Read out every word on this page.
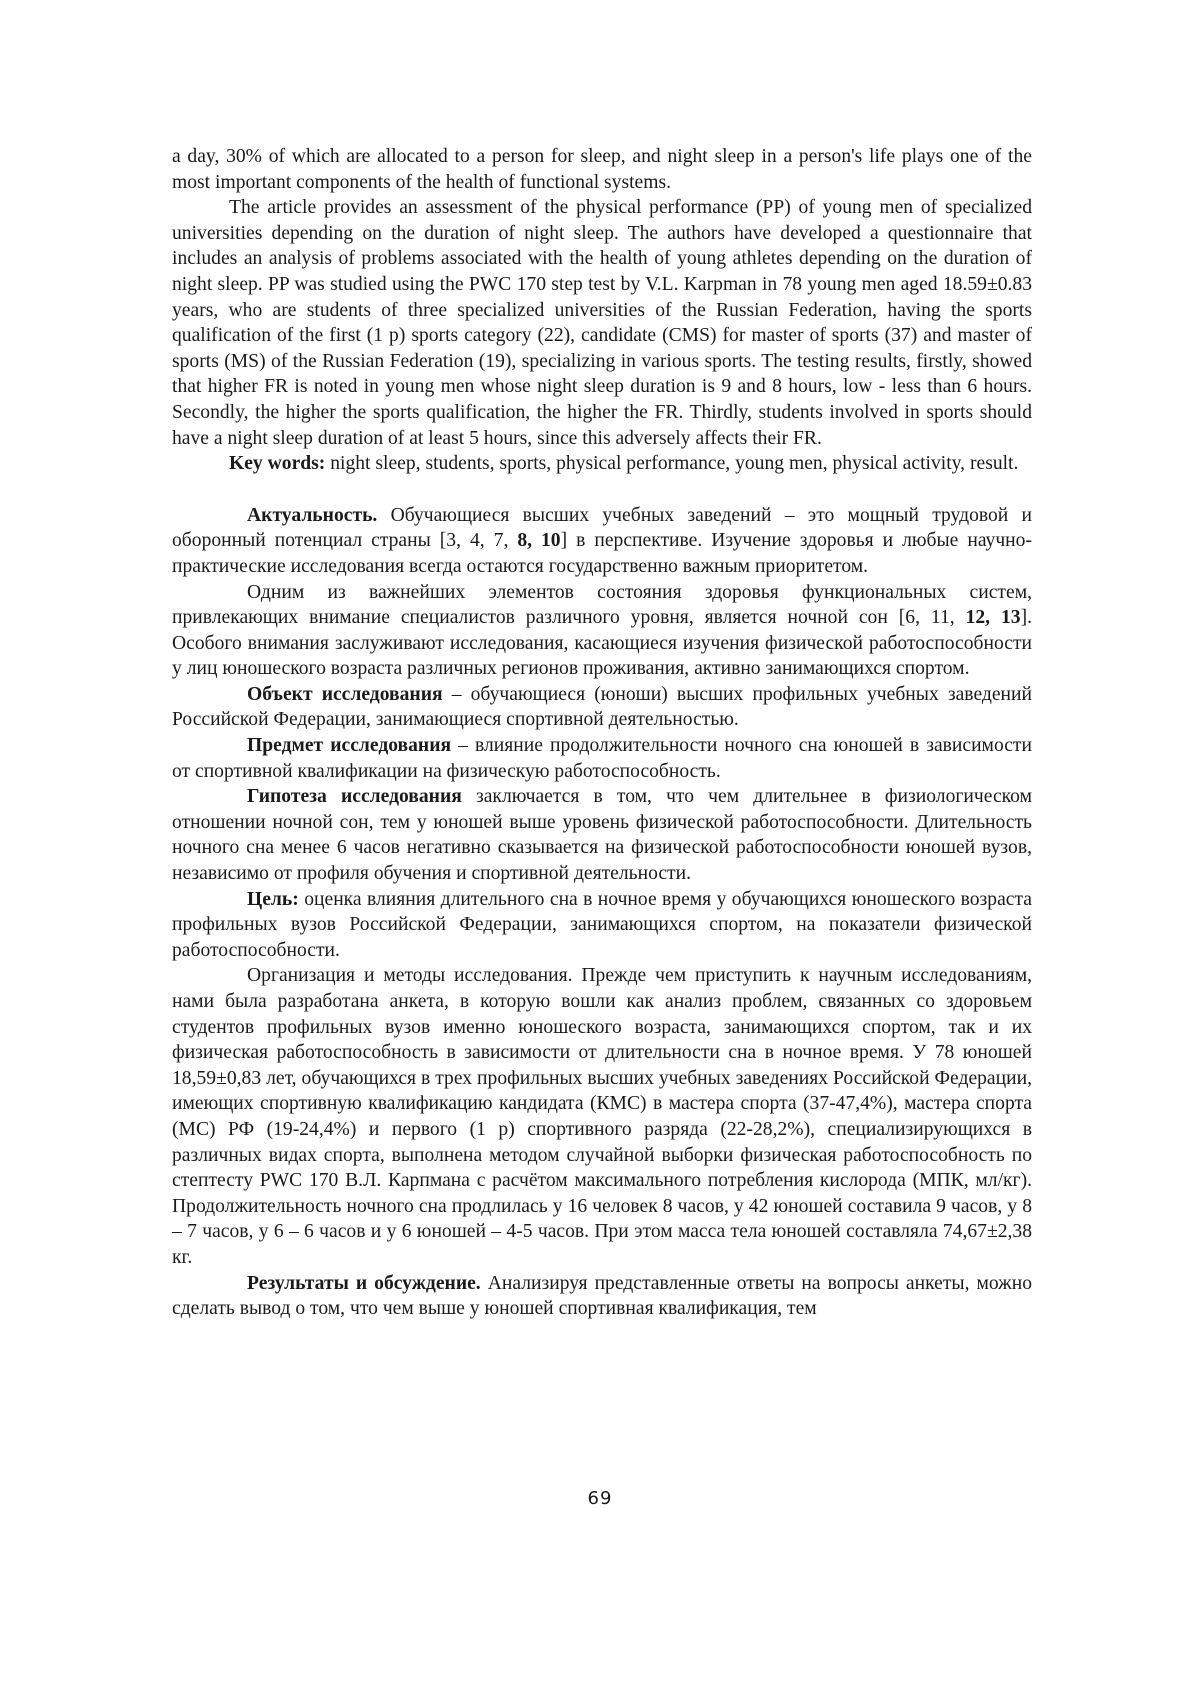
a day, 30% of which are allocated to a person for sleep, and night sleep in a person's life plays one of the most important components of the health of functional systems.

The article provides an assessment of the physical performance (PP) of young men of specialized universities depending on the duration of night sleep. The authors have developed a questionnaire that includes an analysis of problems associated with the health of young athletes depending on the duration of night sleep. PP was studied using the PWC 170 step test by V.L. Karpman in 78 young men aged 18.59±0.83 years, who are students of three specialized universities of the Russian Federation, having the sports qualification of the first (1 p) sports category (22), candidate (CMS) for master of sports (37) and master of sports (MS) of the Russian Federation (19), specializing in various sports. The testing results, firstly, showed that higher FR is noted in young men whose night sleep duration is 9 and 8 hours, low - less than 6 hours. Secondly, the higher the sports qualification, the higher the FR. Thirdly, students involved in sports should have a night sleep duration of at least 5 hours, since this adversely affects their FR.

Key words: night sleep, students, sports, physical performance, young men, physical activity, result.

Актуальность. Обучающиеся высших учебных заведений – это мощный трудовой и оборонный потенциал страны [3, 4, 7, 8, 10] в перспективе. Изучение здоровья и любые научно-практические исследования всегда остаются государственно важным приоритетом.

Одним из важнейших элементов состояния здоровья функциональных систем, привлекающих внимание специалистов различного уровня, является ночной сон [6, 11, 12, 13]. Особого внимания заслуживают исследования, касающиеся изучения физической работоспособности у лиц юношеского возраста различных регионов проживания, активно занимающихся спортом.

Объект исследования – обучающиеся (юноши) высших профильных учебных заведений Российской Федерации, занимающиеся спортивной деятельностью.

Предмет исследования – влияние продолжительности ночного сна юношей в зависимости от спортивной квалификации на физическую работоспособность.

Гипотеза исследования заключается в том, что чем длительнее в физиологическом отношении ночной сон, тем у юношей выше уровень физической работоспособности. Длительность ночного сна менее 6 часов негативно сказывается на физической работоспособности юношей вузов, независимо от профиля обучения и спортивной деятельности.

Цель: оценка влияния длительного сна в ночное время у обучающихся юношеского возраста профильных вузов Российской Федерации, занимающихся спортом, на показатели физической работоспособности.

Организация и методы исследования. Прежде чем приступить к научным исследованиям, нами была разработана анкета, в которую вошли как анализ проблем, связанных со здоровьем студентов профильных вузов именно юношеского возраста, занимающихся спортом, так и их физическая работоспособность в зависимости от длительности сна в ночное время. У 78 юношей 18,59±0,83 лет, обучающихся в трех профильных высших учебных заведениях Российской Федерации, имеющих спортивную квалификацию кандидата (КМС) в мастера спорта (37-47,4%), мастера спорта (МС) РФ (19-24,4%) и первого (1 р) спортивного разряда (22-28,2%), специализирующихся в различных видах спорта, выполнена методом случайной выборки физическая работоспособность по стептесту PWC 170 В.Л. Карпмана с расчётом максимального потребления кислорода (МПК, мл/кг). Продолжительность ночного сна продлилась у 16 человек 8 часов, у 42 юношей составила 9 часов, у 8 – 7 часов, у 6 – 6 часов и у 6 юношей – 4-5 часов. При этом масса тела юношей составляла 74,67±2,38 кг.

Результаты и обсуждение. Анализируя представленные ответы на вопросы анкеты, можно сделать вывод о том, что чем выше у юношей спортивная квалификация, тем

69
